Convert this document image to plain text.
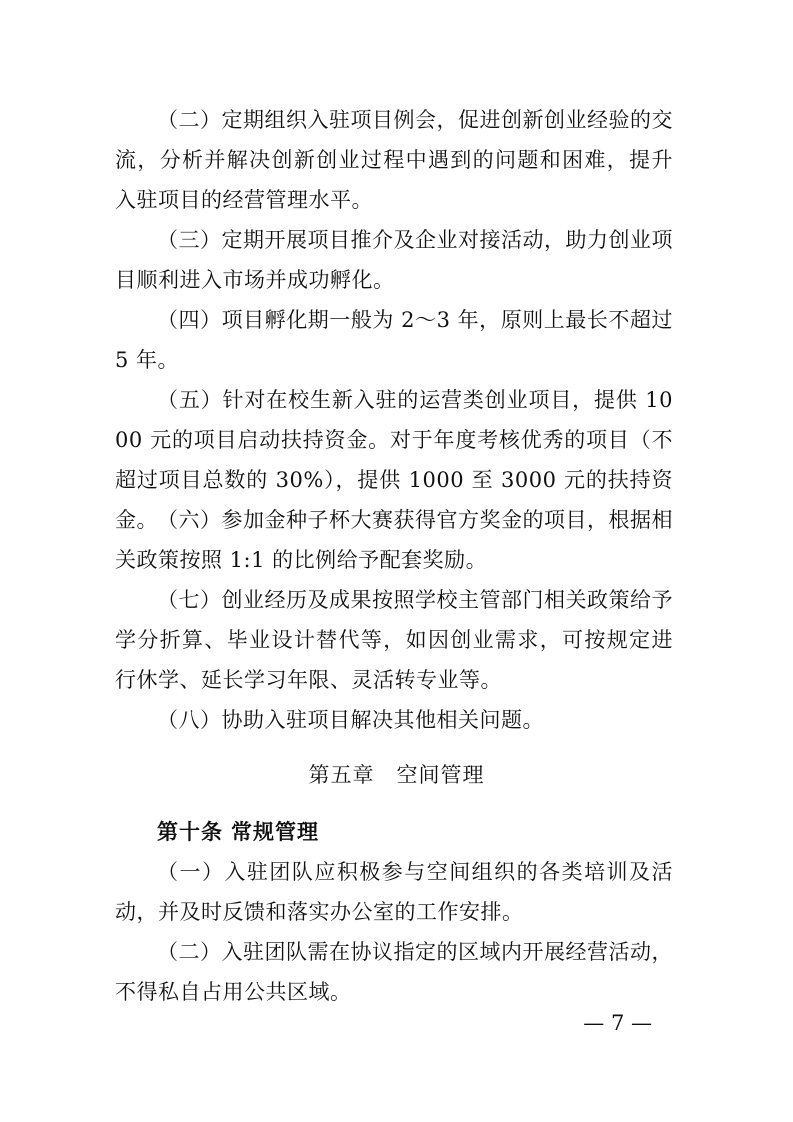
（二）定期组织入驻项目例会，促进创新创业经验的交流，分析并解决创新创业过程中遇到的问题和困难，提升入驻项目的经营管理水平。

（三）定期开展项目推介及企业对接活动，助力创业项目顺利进入市场并成功孵化。

（四）项目孵化期一般为 2～3 年，原则上最长不超过 5 年。

（五）针对在校生新入驻的运营类创业项目，提供 1000 元的项目启动扶持资金。对于年度考核优秀的项目（不超过项目总数的 30%），提供 1000 至 3000 元的扶持资金。 （六）参加金种子杯大赛获得官方奖金的项目，根据相关政策按照 1:1 的比例给予配套奖励。

（七）创业经历及成果按照学校主管部门相关政策给予学分折算、毕业设计替代等，如因创业需求，可按规定进行休学、延长学习年限、灵活转专业等。

（八）协助入驻项目解决其他相关问题。

第五章 空间管理
第十条 常规管理

（一）入驻团队应积极参与空间组织的各类培训及活动，并及时反馈和落实办公室的工作安排。

（二）入驻团队需在协议指定的区域内开展经营活动，不得私自占用公共区域。

— 7 —
